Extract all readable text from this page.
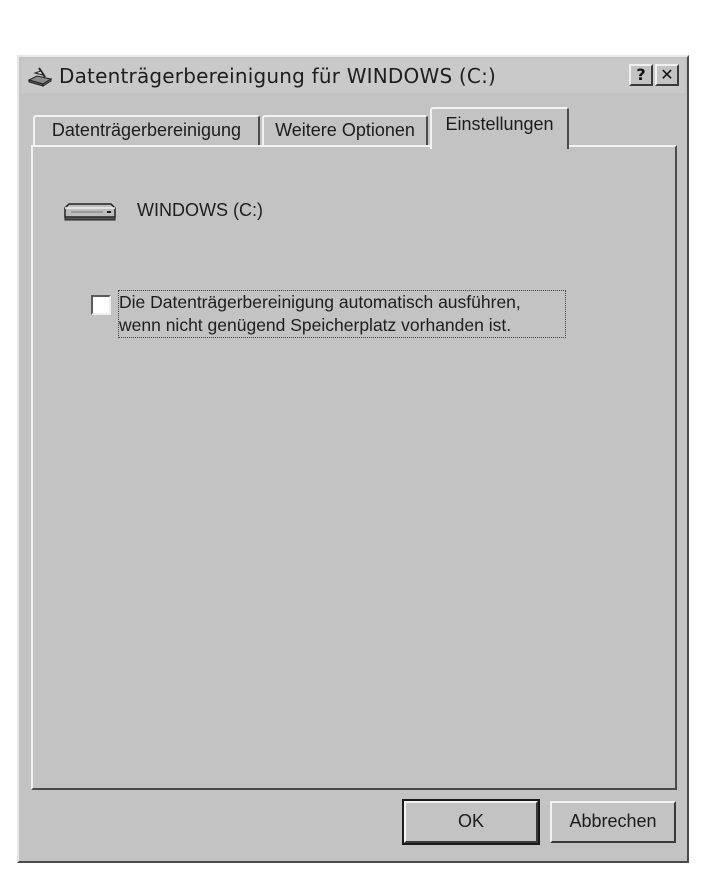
Datenträgerbereinigung für WINDOWS (C:)	? ✕
Datenträgerbereinigung	Weitere Optionen	Einstellungen
WINDOWS (C:)
Die Datenträgerbereinigung automatisch ausführen,
wenn nicht genügend Speicherplatz vorhanden ist.
OK	Abbrechen
